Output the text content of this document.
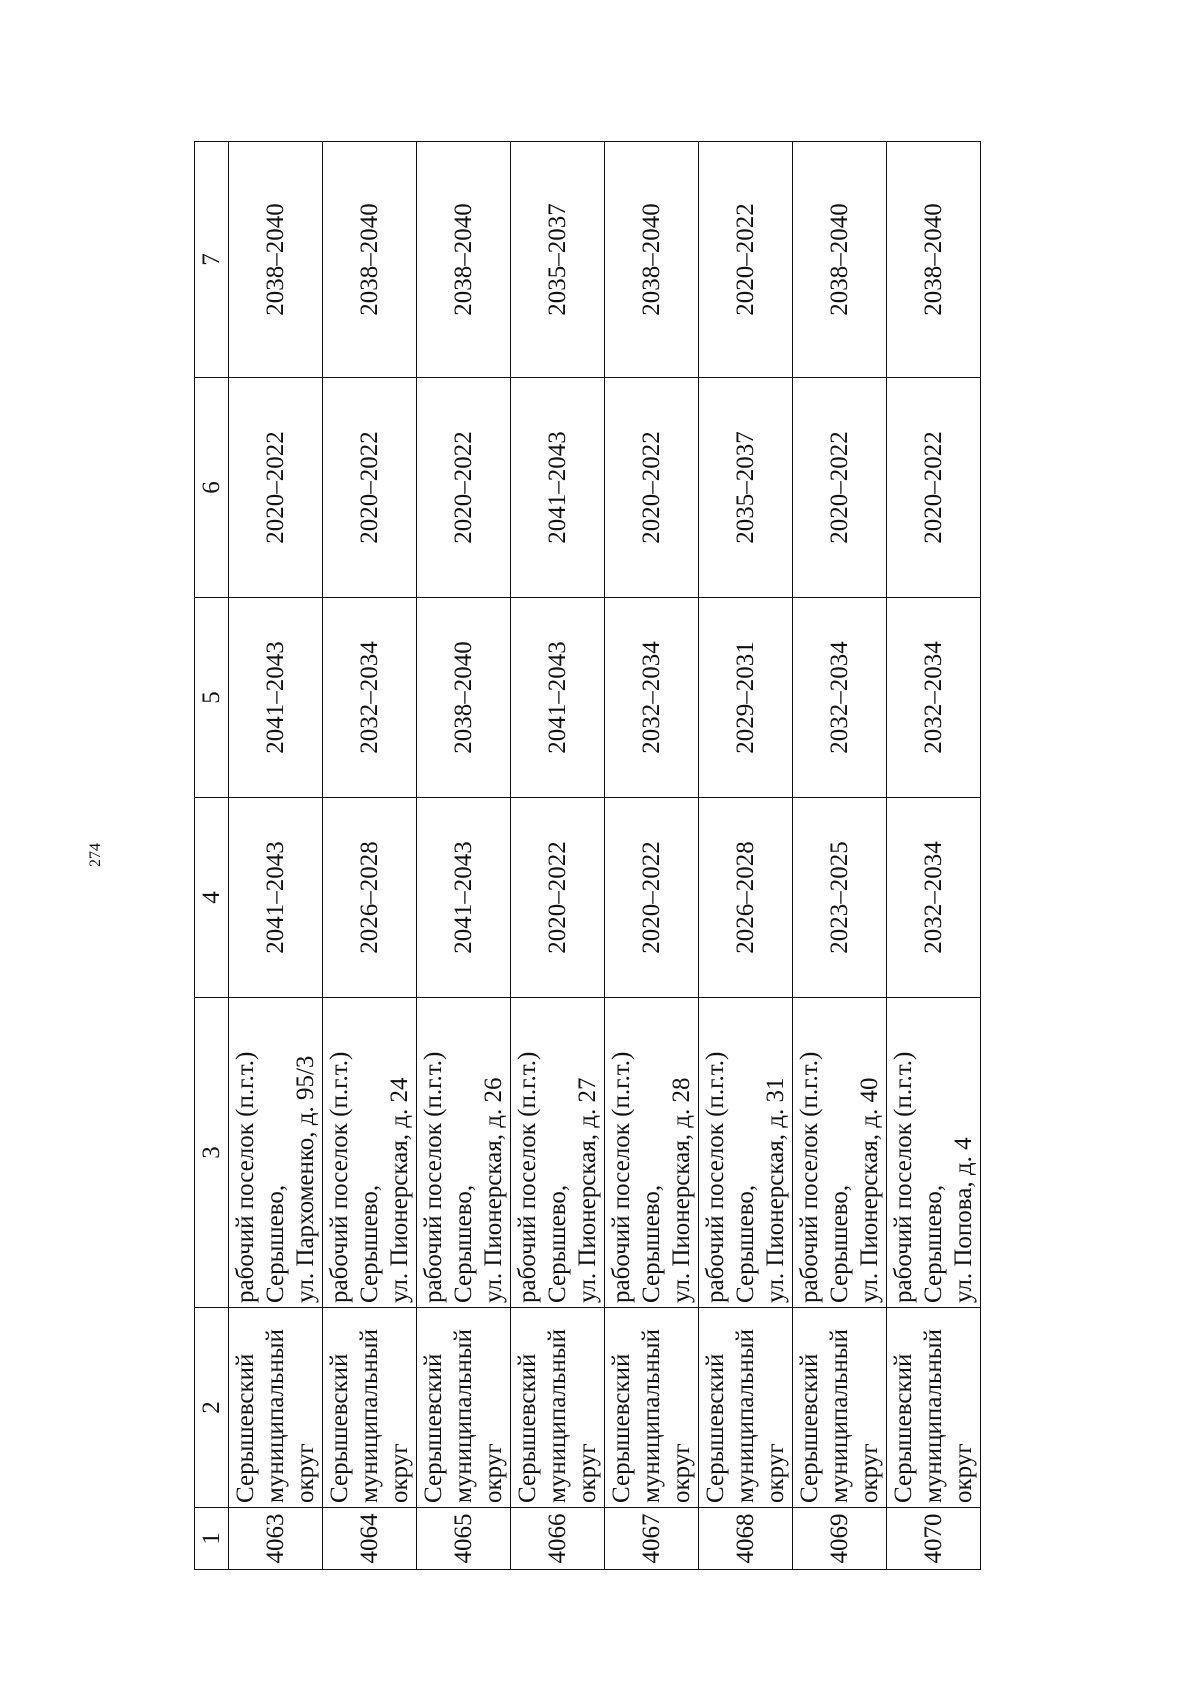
274
1	2	3	4	5	6	7
4063	Серышевский
муниципальный
округ	рабочий поселок (п.г.т.)
Серышево,
ул. Пархоменко, д. 95/3	2041–2043	2041–2043	2020–2022	2038–2040
4064	Серышевский
муниципальный
округ	рабочий поселок (п.г.т.)
Серышево,
ул. Пионерская, д. 24	2026–2028	2032–2034	2020–2022	2038–2040
4065	Серышевский
муниципальный
округ	рабочий поселок (п.г.т.)
Серышево,
ул. Пионерская, д. 26	2041–2043	2038–2040	2020–2022	2038–2040
4066	Серышевский
муниципальный
округ	рабочий поселок (п.г.т.)
Серышево,
ул. Пионерская, д. 27	2020–2022	2041–2043	2041–2043	2035–2037
4067	Серышевский
муниципальный
округ	рабочий поселок (п.г.т.)
Серышево,
ул. Пионерская, д. 28	2020–2022	2032–2034	2020–2022	2038–2040
4068	Серышевский
муниципальный
округ	рабочий поселок (п.г.т.)
Серышево,
ул. Пионерская, д. 31	2026–2028	2029–2031	2035–2037	2020–2022
4069	Серышевский
муниципальный
округ	рабочий поселок (п.г.т.)
Серышево,
ул. Пионерская, д. 40	2023–2025	2032–2034	2020–2022	2038–2040
4070	Серышевский
муниципальный
округ	рабочий поселок (п.г.т.)
Серышево,
ул. Попова, д. 4	2032–2034	2032–2034	2020–2022	2038–2040
